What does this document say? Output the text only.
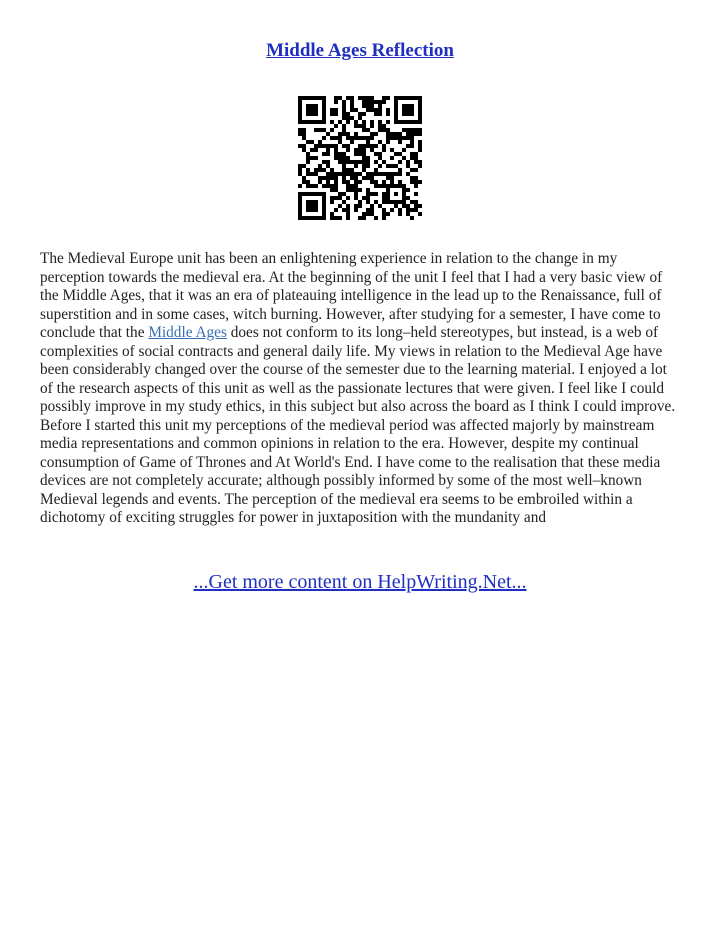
Middle Ages Reflection

The Medieval Europe unit has been an enlightening experience in relation to the change in my perception towards the medieval era. At the beginning of the unit I feel that I had a very basic view of the Middle Ages, that it was an era of plateauing intelligence in the lead up to the Renaissance, full of superstition and in some cases, witch burning. However, after studying for a semester, I have come to conclude that the Middle Ages does not conform to its long–held stereotypes, but instead, is a web of complexities of social contracts and general daily life. My views in relation to the Medieval Age have been considerably changed over the course of the semester due to the learning material. I enjoyed a lot of the research aspects of this unit as well as the passionate lectures that were given. I feel like I could possibly improve in my study ethics, in this subject but also across the board as I think I could improve.

Before I started this unit my perceptions of the medieval period was affected majorly by mainstream media representations and common opinions in relation to the era. However, despite my continual consumption of Game of Thrones and At World's End. I have come to the realisation that these media devices are not completely accurate; although possibly informed by some of the most well–known Medieval legends and events. The perception of the medieval era seems to be embroiled within a dichotomy of exciting struggles for power in juxtaposition with the mundanity and

...Get more content on HelpWriting.Net...
